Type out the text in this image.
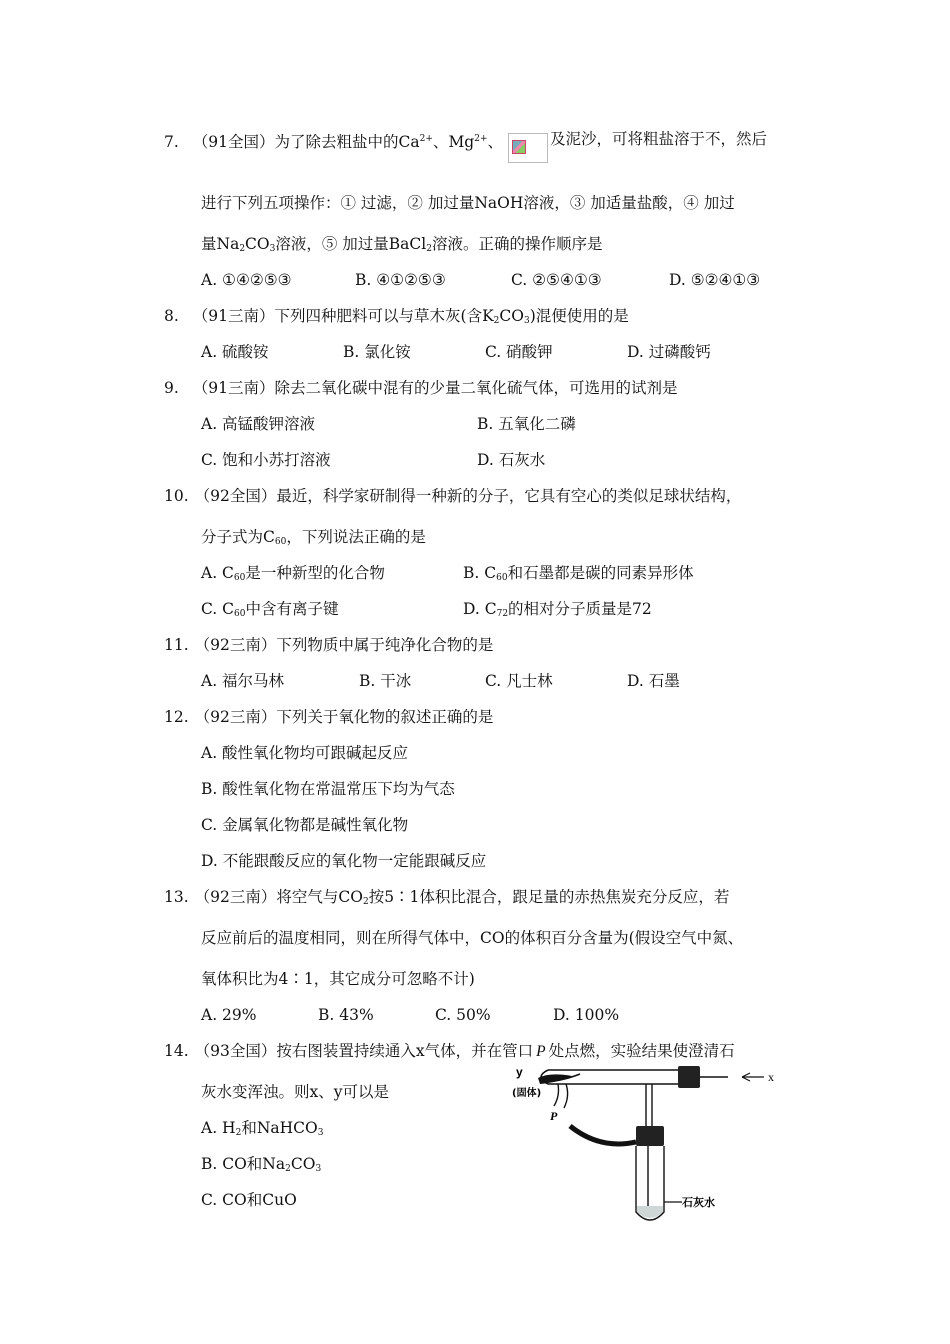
7. （91全国）为了除去粗盐中的$Ca^{2+}$、$Mg^{2+}$、	及泥沙，可将粗盐溶于不，然后
进行下列五项操作：① 过滤，② 加过量NaOH溶液，③ 加适量盐酸，④ 加过
量$Na_2CO_3$溶液，⑤ 加过量BaCl$_2$溶液。正确的操作顺序是
A. ①④②⑤③	B. ④①②⑤③	C. ②⑤④①③	D. ⑤②④①③
8. （91三南）下列四种肥料可以与草木灰(含$K_2CO_3$)混便使用的是
A. 硫酸铵	B. 氯化铵	C. 硝酸钾	D. 过磷酸钙
9. （91三南）除去二氧化碳中混有的少量二氧化硫气体，可选用的试剂是
A. 高锰酸钾溶液	B. 五氧化二磷
C. 饱和小苏打溶液	D. 石灰水
10. （92全国）最近，科学家研制得一种新的分子，它具有空心的类似足球状结构，
分子式为$C_{60}$，下列说法正确的是
A. $C_{60}$是一种新型的化合物	B. $C_{60}$和石墨都是碳的同素异形体
C. $C_{60}$中含有离子键	D. $C_{72}$的相对分子质量是72
11. （92三南）下列物质中属于纯净化合物的是
A. 福尔马林	B. 干冰	C. 凡士林	D. 石墨
12. （92三南）下列关于氧化物的叙述正确的是
A. 酸性氧化物均可跟碱起反应
B. 酸性氧化物在常温常压下均为气态
C. 金属氧化物都是碱性氧化物
D. 不能跟酸反应的氧化物一定能跟碱反应
13. （92三南）将空气与$CO_2$按5∶1体积比混合，跟足量的赤热焦炭充分反应，若
反应前后的温度相同，则在所得气体中，CO的体积百分含量为(假设空气中氮、
氧体积比为4∶1，其它成分可忽略不计)
A. 29%	B. 43%	C. 50%	D. 100%
14. （93全国）按右图装置持续通入x气体，并在管口 P 处点燃，实验结果使澄清石
灰水变浑浊。则x、y可以是
A. $H_2$和NaHCO$_3$
B. CO和$Na_2CO_3$
C. CO和CuO
x
y
(固体)
P
石灰水
